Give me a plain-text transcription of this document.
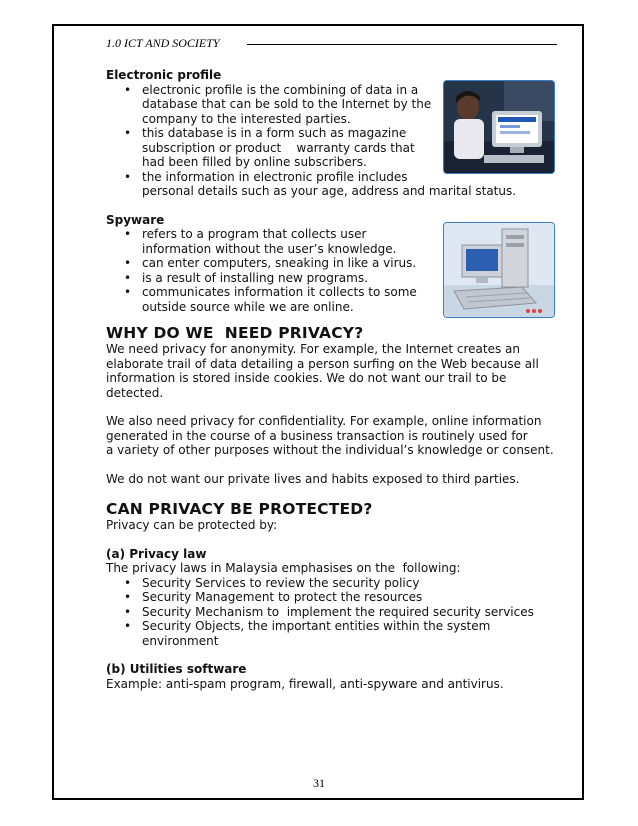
1.0 ICT AND SOCIETY
Electronic profile
• electronic profile is the combining of data in a
database that can be sold to the Internet by the
company to the interested parties.
• this database is in a form such as magazine
subscription or product    warranty cards that
had been filled by online subscribers.
• the information in electronic profile includes
personal details such as your age, address and marital status.
Spyware
• refers to a program that collects user
information without the user’s knowledge.
• can enter computers, sneaking in like a virus.
• is a result of installing new programs.
• communicates information it collects to some
outside source while we are online.
WHY DO WE  NEED PRIVACY?

We need privacy for anonymity. For example, the Internet creates an
elaborate trail of data detailing a person surfing on the Web because all
information is stored inside cookies. We do not want our trail to be detected.

We also need privacy for confidentiality. For example, online information
generated in the course of a business transaction is routinely used for
a variety of other purposes without the individual’s knowledge or consent.

We do not want our private lives and habits exposed to third parties.

CAN PRIVACY BE PROTECTED?

Privacy can be protected by:

(a) Privacy law

The privacy laws in Malaysia emphasises on the  following:

• Security Services to review the security policy
• Security Management to protect the resources
• Security Mechanism to  implement the required security services
• Security Objects, the important entities within the system
environment
(b) Utilities software

Example: anti-spam program, firewall, anti-spyware and antivirus.

31
